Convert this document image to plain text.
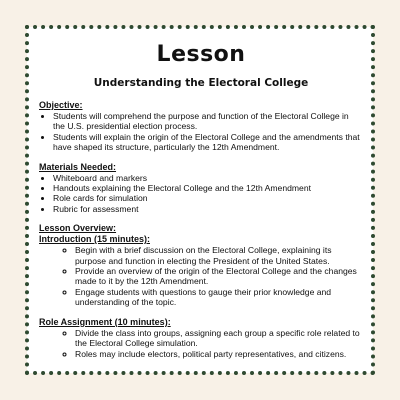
Lesson
Understanding the Electoral College
Objective:
• Students will comprehend the purpose and function of the Electoral College in the U.S. presidential election process.
• Students will explain the origin of the Electoral College and the amendments that have shaped its structure, particularly the 12th Amendment.
Materials Needed:
• Whiteboard and markers
• Handouts explaining the Electoral College and the 12th Amendment
• Role cards for simulation
• Rubric for assessment
Lesson Overview:
Introduction (15 minutes):
◦ Begin with a brief discussion on the Electoral College, explaining its purpose and function in electing the President of the United States.
◦ Provide an overview of the origin of the Electoral College and the changes made to it by the 12th Amendment.
◦ Engage students with questions to gauge their prior knowledge and understanding of the topic.
Role Assignment (10 minutes):
◦ Divide the class into groups, assigning each group a specific role related to the Electoral College simulation.
◦ Roles may include electors, political party representatives, and citizens.
